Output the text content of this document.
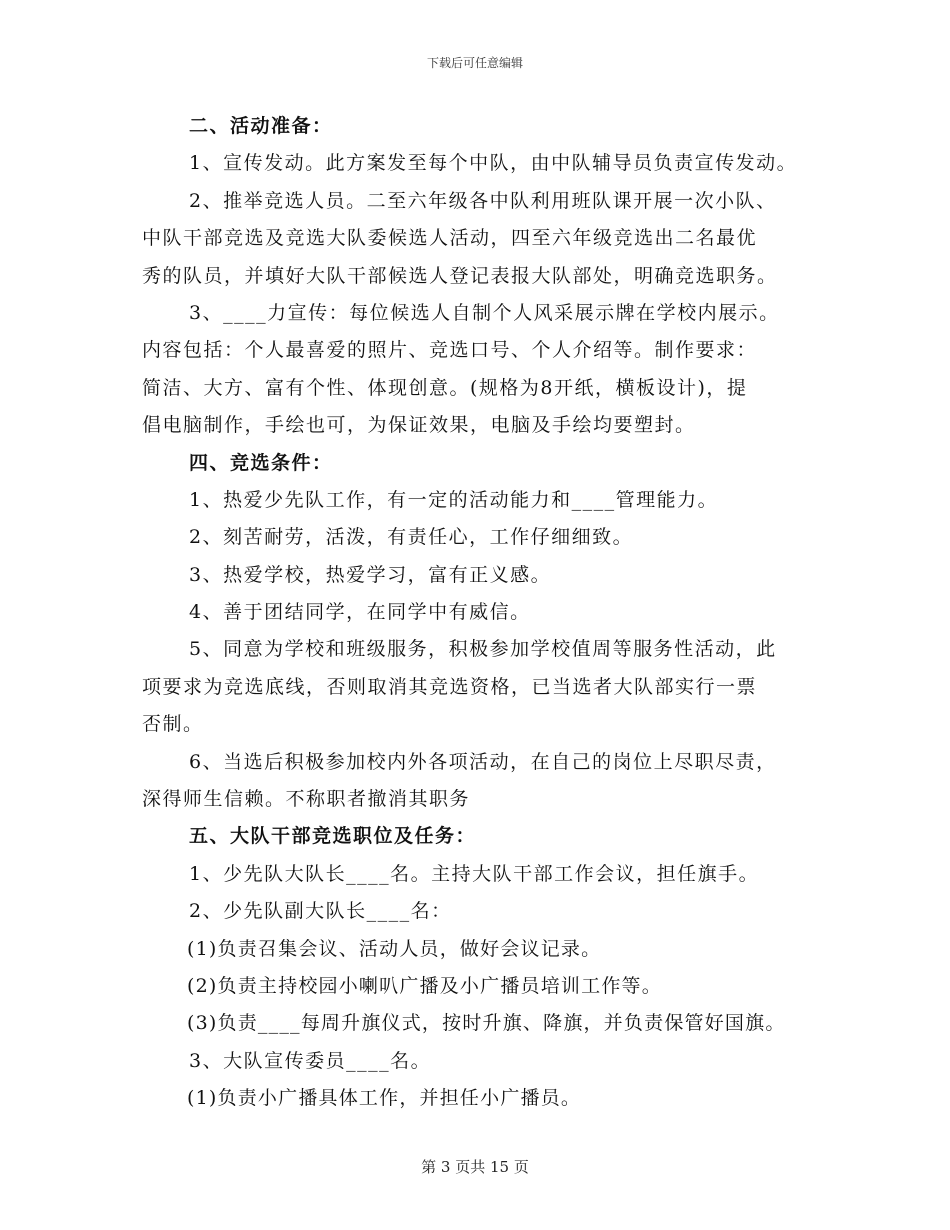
下载后可任意编辑
二、活动准备：
1、宣传发动。此方案发至每个中队，由中队辅导员负责宣传发动。
2、推举竞选人员。二至六年级各中队利用班队课开展一次小队、
中队干部竞选及竞选大队委候选人活动，四至六年级竞选出二名最优
秀的队员，并填好大队干部候选人登记表报大队部处，明确竞选职务。
3、____力宣传：每位候选人自制个人风采展示牌在学校内展示。
内容包括：个人最喜爱的照片、竞选口号、个人介绍等。制作要求：
简洁、大方、富有个性、体现创意。(规格为8开纸，横板设计)，提
倡电脑制作，手绘也可，为保证效果，电脑及手绘均要塑封。
四、竞选条件：
1、热爱少先队工作，有一定的活动能力和____管理能力。
2、刻苦耐劳，活泼，有责任心，工作仔细细致。
3、热爱学校，热爱学习，富有正义感。
4、善于团结同学，在同学中有威信。
5、同意为学校和班级服务，积极参加学校值周等服务性活动，此
项要求为竞选底线，否则取消其竞选资格，已当选者大队部实行一票
否制。
6、当选后积极参加校内外各项活动，在自己的岗位上尽职尽责，
深得师生信赖。不称职者撤消其职务
五、大队干部竞选职位及任务：
1、少先队大队长____名。主持大队干部工作会议，担任旗手。
2、少先队副大队长____名：
(1)负责召集会议、活动人员，做好会议记录。
(2)负责主持校园小喇叭广播及小广播员培训工作等。
(3)负责____每周升旗仪式，按时升旗、降旗，并负责保管好国旗。
3、大队宣传委员____名。
(1)负责小广播具体工作，并担任小广播员。
第 3 页共 15 页
